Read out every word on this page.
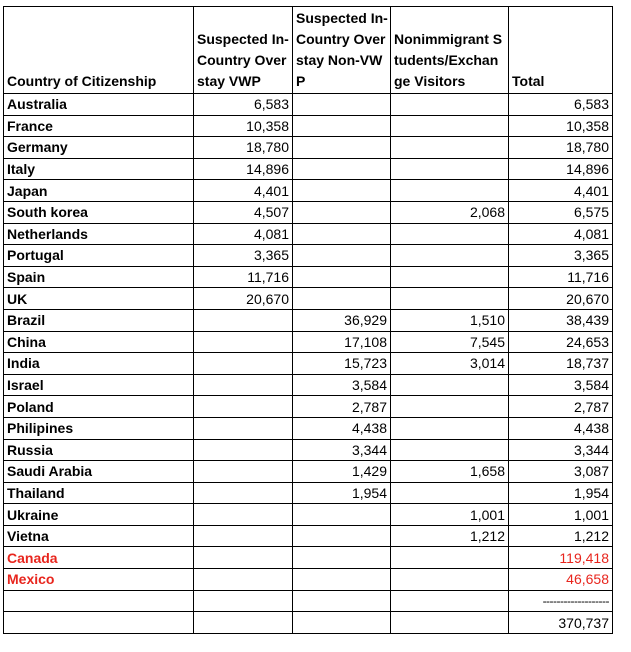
Country of Citizenship	Suspected In-Country Overstay VWP	Suspected In-Country Overstay Non-VWP	Nonimmigrant Students/Exchange Visitors	Total
Australia	6,583			6,583
France	10,358			10,358
Germany	18,780			18,780
Italy	14,896			14,896
Japan	4,401			4,401
South korea	4,507		2,068	6,575
Netherlands	4,081			4,081
Portugal	3,365			3,365
Spain	11,716			11,716
UK	20,670			20,670
Brazil		36,929	1,510	38,439
China		17,108	7,545	24,653
India		15,723	3,014	18,737
Israel		3,584		3,584
Poland		2,787		2,787
Philipines		4,438		4,438
Russia		3,344		3,344
Saudi Arabia		1,429	1,658	3,087
Thailand		1,954		1,954
Ukraine			1,001	1,001
Vietna			1,212	1,212
Canada				119,418
Mexico				46,658
				-------------------
				370,737
